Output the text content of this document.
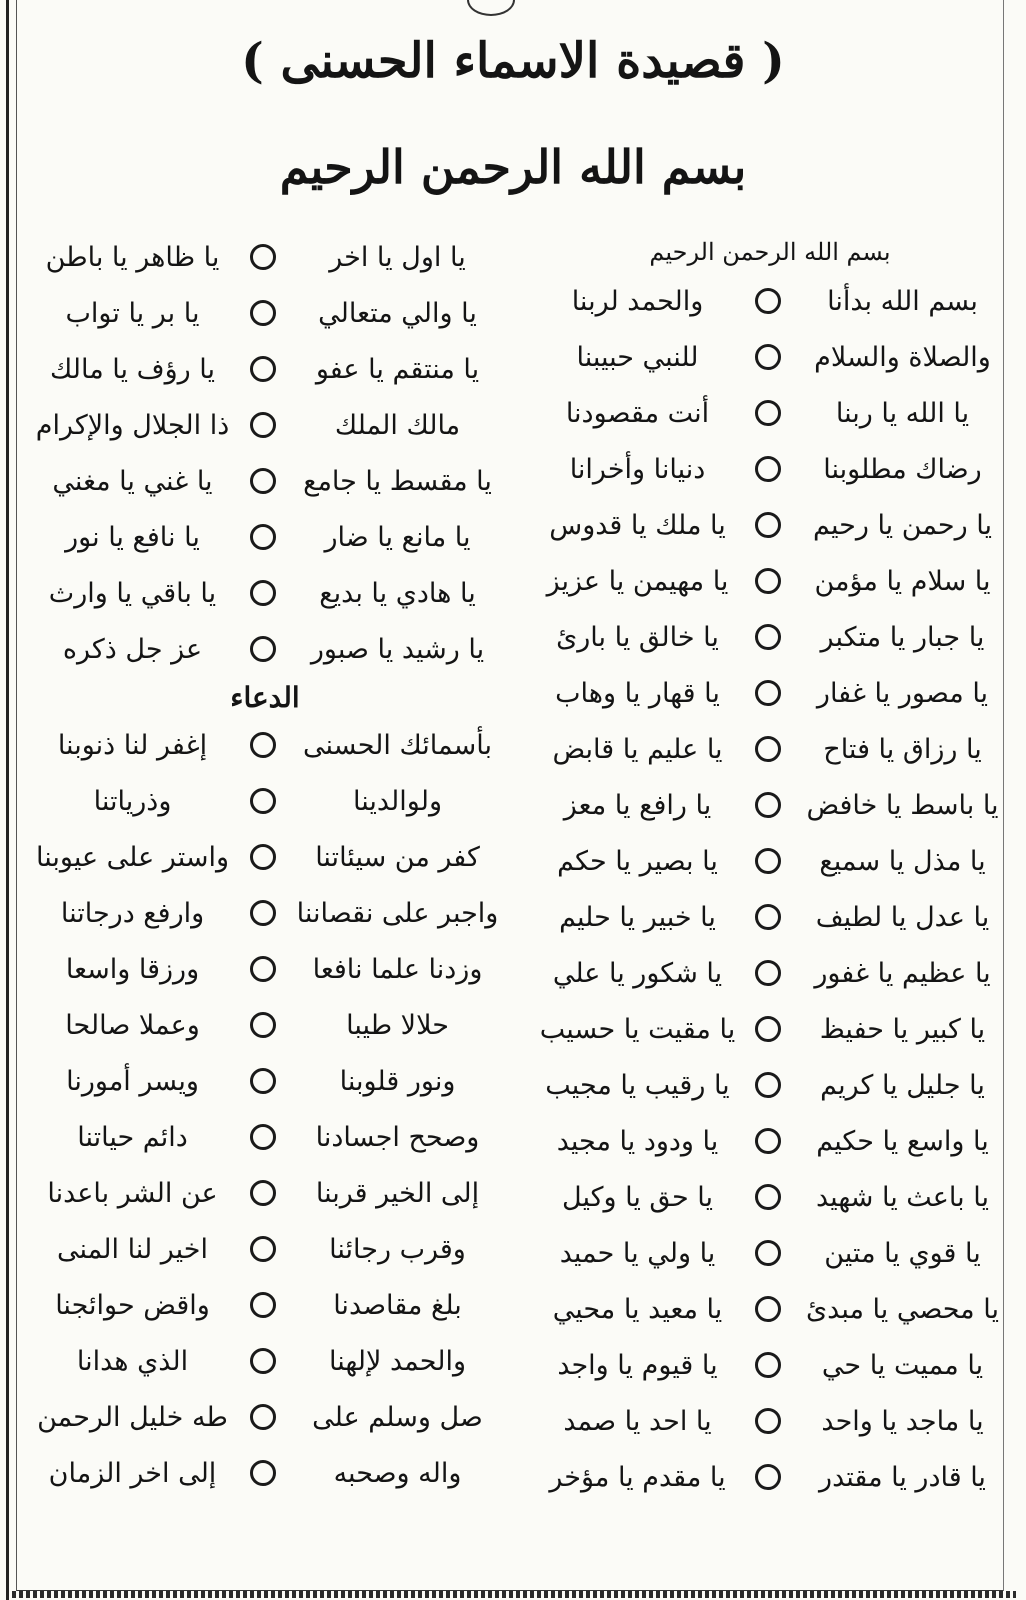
( قصيدة الاسماء الحسنى )
بسم الله الرحمن الرحيم
بسم الله الرحمن الرحيم
بسم الله بدأنا
والحمد لربنا
والصلاة والسلام
للنبي حبيبنا
يا الله يا ربنا
أنت مقصودنا
رضاك مطلوبنا
دنيانا وأخرانا
يا رحمن يا رحيم
يا ملك يا قدوس
يا سلام يا مؤمن
يا مهيمن يا عزيز
يا جبار يا متكبر
يا خالق يا بارئ
يا مصور يا غفار
يا قهار يا وهاب
يا رزاق يا فتاح
يا عليم يا قابض
يا باسط يا خافض
يا رافع يا معز
يا مذل يا سميع
يا بصير يا حكم
يا عدل يا لطيف
يا خبير يا حليم
يا عظيم يا غفور
يا شكور يا علي
يا كبير يا حفيظ
يا مقيت يا حسيب
يا جليل يا كريم
يا رقيب يا مجيب
يا واسع يا حكيم
يا ودود يا مجيد
يا باعث يا شهيد
يا حق يا وكيل
يا قوي يا متين
يا ولي يا حميد
يا محصي يا مبدئ
يا معيد يا محيي
يا مميت يا حي
يا قيوم يا واجد
يا ماجد يا واحد
يا احد يا صمد
يا قادر يا مقتدر
يا مقدم يا مؤخر
يا اول يا اخر
يا ظاهر يا باطن
يا والي متعالي
يا بر يا تواب
يا منتقم يا عفو
يا رؤف يا مالك
مالك الملك
ذا الجلال والإكرام
يا مقسط يا جامع
يا غني يا مغني
يا مانع يا ضار
يا نافع يا نور
يا هادي يا بديع
يا باقي يا وارث
يا رشيد يا صبور
عز جل ذكره
الدعاء
بأسمائك الحسنى
إغفر لنا ذنوبنا
ولوالدينا
وذرياتنا
كفر من سيئاتنا
واستر على عيوبنا
واجبر على نقصاننا
وارفع درجاتنا
وزدنا علما نافعا
ورزقا واسعا
حلالا طيبا
وعملا صالحا
ونور قلوبنا
ويسر أمورنا
وصحح اجسادنا
دائم حياتنا
إلى الخير قربنا
عن الشر باعدنا
وقرب رجائنا
اخير لنا المنى
بلغ مقاصدنا
واقض حوائجنا
والحمد لإلهنا
الذي هدانا
صل وسلم على
طه خليل الرحمن
واله وصحبه
إلى اخر الزمان
